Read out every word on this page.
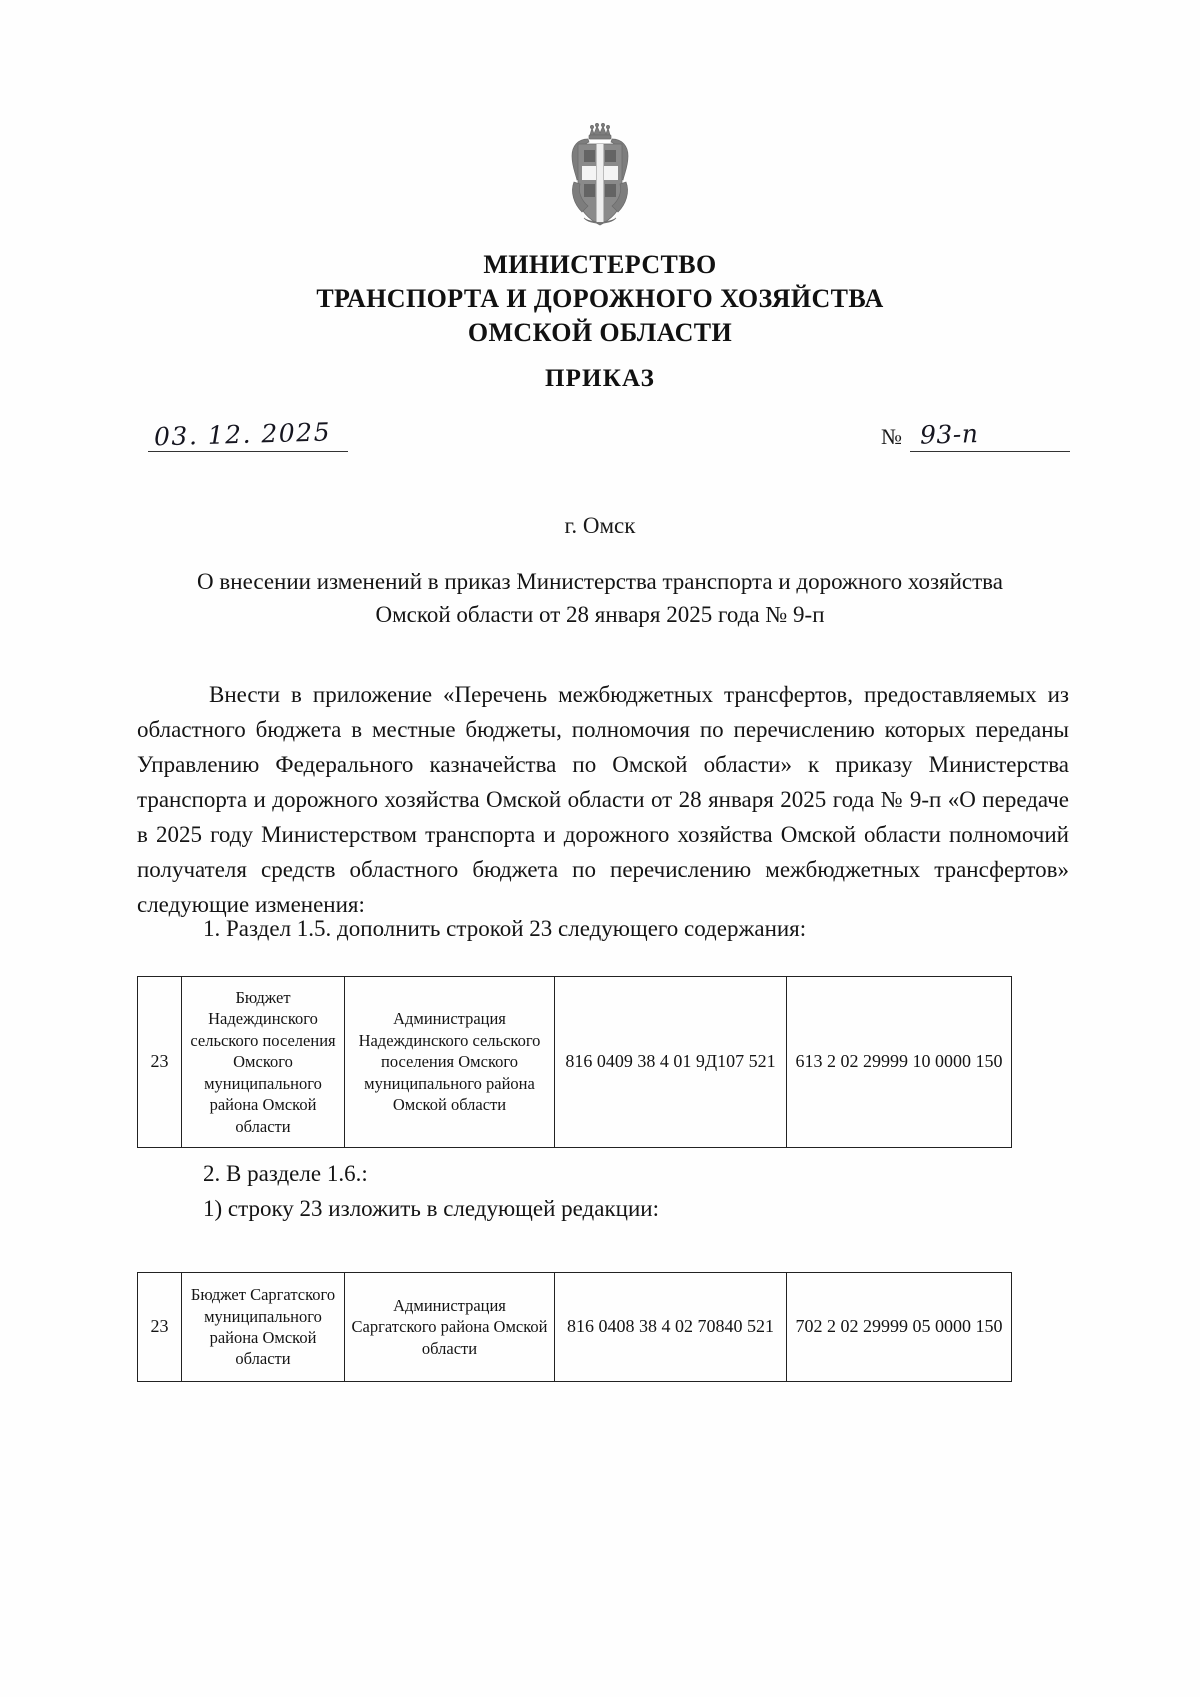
МИНИСТЕРСТВО
ТРАНСПОРТА И ДОРОЖНОГО ХОЗЯЙСТВА
ОМСКОЙ ОБЛАСТИ
ПРИКАЗ
03. 12. 2025	№ 93-п
г. Омск
О внесении изменений в приказ Министерства транспорта и дорожного хозяйства Омской области от 28 января 2025 года № 9-п
Внести в приложение «Перечень межбюджетных трансфертов, предоставляемых из областного бюджета в местные бюджеты, полномочия по перечислению которых переданы Управлению Федерального казначейства по Омской области» к приказу Министерства транспорта и дорожного хозяйства Омской области от 28 января 2025 года № 9-п «О передаче в 2025 году Министерством транспорта и дорожного хозяйства Омской области полномочий получателя средств областного бюджета по перечислению межбюджетных трансфертов» следующие изменения:
1. Раздел 1.5. дополнить строкой 23 следующего содержания:
23	Бюджет Надеждинского сельского поселения Омского муниципального района Омской области	Администрация Надеждинского сельского поселения Омского муниципального района Омской области	816 0409 38 4 01 9Д107 521	613 2 02 29999 10 0000 150
2. В разделе 1.6.:
1) строку 23 изложить в следующей редакции:
23	Бюджет Саргатского муниципального района Омской области	Администрация Саргатского района Омской области	816 0408 38 4 02 70840 521	702 2 02 29999 05 0000 150
